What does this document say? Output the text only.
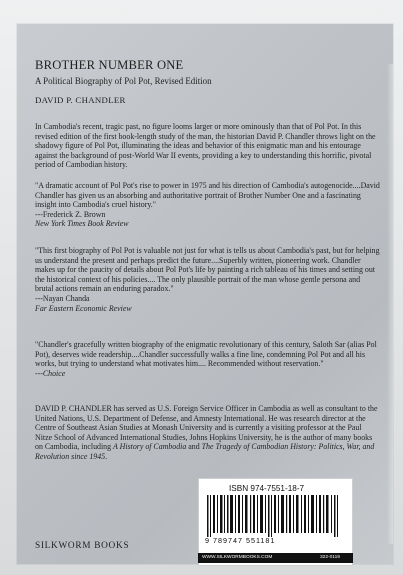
BROTHER NUMBER ONE
A Political Biography of Pol Pot, Revised Edition
DAVID P. CHANDLER
In Cambodia's recent, tragic past, no figure looms larger or more ominously than that of Pol Pot. In this revised edition of the first book-length study of the man, the historian David P. Chandler throws light on the shadowy figure of Pol Pot, illuminating the ideas and behavior of this enigmatic man and his entourage against the background of post-World War II events, providing a key to understanding this horrific, pivotal period of Cambodian history.
"A dramatic account of Pol Pot's rise to power in 1975 and his direction of Cambodia's autogenocide....David Chandler has given us an absorbing and authoritative portrait of Brother Number One and a fascinating insight into Cambodia's cruel history."
---Frederick Z. Brown
New York Times Book Review
"This first biography of Pol Pot is valuable not just for what is tells us about Cambodia's past, but for helping us understand the present and perhaps predict the future....Superbly written, pioneering work. Chandler makes up for the paucity of details about Pol Pot's life by painting a rich tableau of his times and setting out the historical context of his policies.... The only plausible portrait of the man whose gentle persona and brutal actions remain an enduring paradox."
---Nayan Chanda
Far Eastern Economic Review
"Chandler's gracefully written biography of the enigmatic revolutionary of this century, Saloth Sar (alias Pol Pot), deserves wide readership....Chandler successfully walks a fine line, condemning Pol Pot and all his works, but trying to understand what motivates him.... Recommended without reservation."
---Choice
DAVID P. CHANDLER has served as U.S. Foreign Service Officer in Cambodia as well as consultant to the United Nations, U.S. Department of Defense, and Amnesty International. He was research director at the Centre of Southeast Asian Studies at Monash University and is currently a visiting professor at the Paul Nitze School of Advanced International Studies, Johns Hopkins University, he is the author of many books on Cambodia, including A History of Cambodia and The Tragedy of Cambodian History: Politics, War, and Revolution since 1945.
SILKWORM BOOKS
ISBN 974-7551-18-7
9 789747 551181
WWW.SILKWORMBOOKS.COM	322-0119
